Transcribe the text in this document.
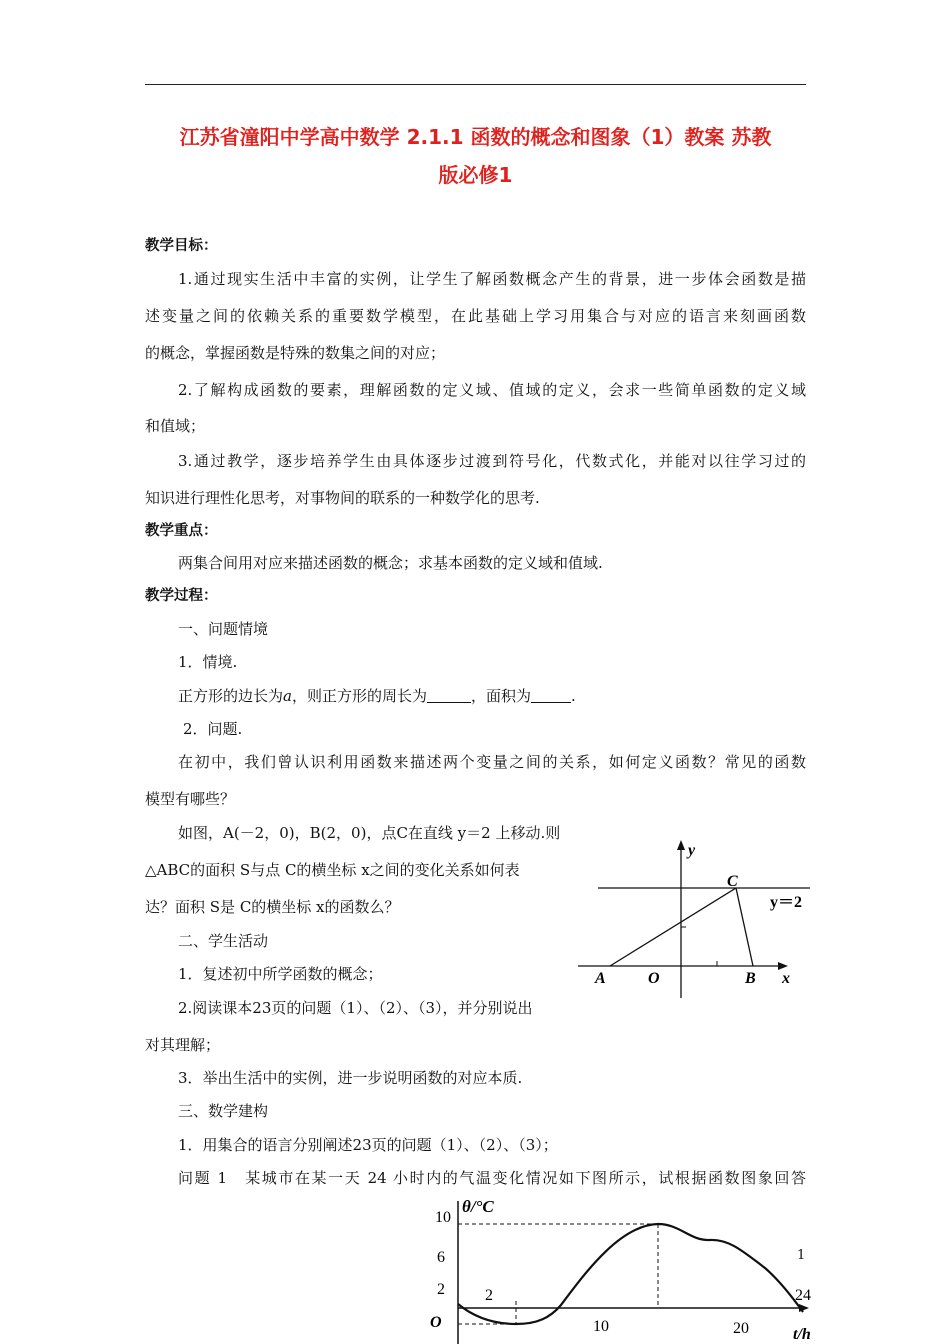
江苏省潼阳中学高中数学 2.1.1 函数的概念和图象（1）教案 苏教
版必修1
教学目标：
1.通过现实生活中丰富的实例，让学生了解函数概念产生的背景，进一步体会函数是描
述变量之间的依赖关系的重要数学模型，在此基础上学习用集合与对应的语言来刻画函数
的概念，掌握函数是特殊的数集之间的对应；
2.了解构成函数的要素，理解函数的定义域、值域的定义，会求一些简单函数的定义域
和值域；
3.通过教学，逐步培养学生由具体逐步过渡到符号化，代数式化，并能对以往学习过的
知识进行理性化思考，对事物间的联系的一种数学化的思考.
教学重点：
两集合间用对应来描述函数的概念；求基本函数的定义域和值域.
教学过程：
一、问题情境
1．情境.
正方形的边长为a，则正方形的周长为	，面积为	.
2．问题.
在初中，我们曾认识利用函数来描述两个变量之间的关系，如何定义函数？常见的函数
模型有哪些？
如图，A(－2，0)，B(2，0)，点C在直线 y＝2 上移动.则
△ABC的面积 S与点 C的横坐标 x之间的变化关系如何表
达？面积 S是 C的横坐标 x的函数么？
二、学生活动
1．复述初中所学函数的概念；
2.阅读课本23页的问题（1）、（2）、（3），并分别说出
对其理解；
3．举出生活中的实例，进一步说明函数的对应本质.
三、数学建构
1．用集合的语言分别阐述23页的问题（1）、（2）、（3）；
问题 1　某城市在某一天 24 小时内的气温变化情况如下图所示，试根据函数图象回答
y
C
y＝2
A	O	B x
θ/°C
10
6
2	2	24
O	10	20	t/h
1
